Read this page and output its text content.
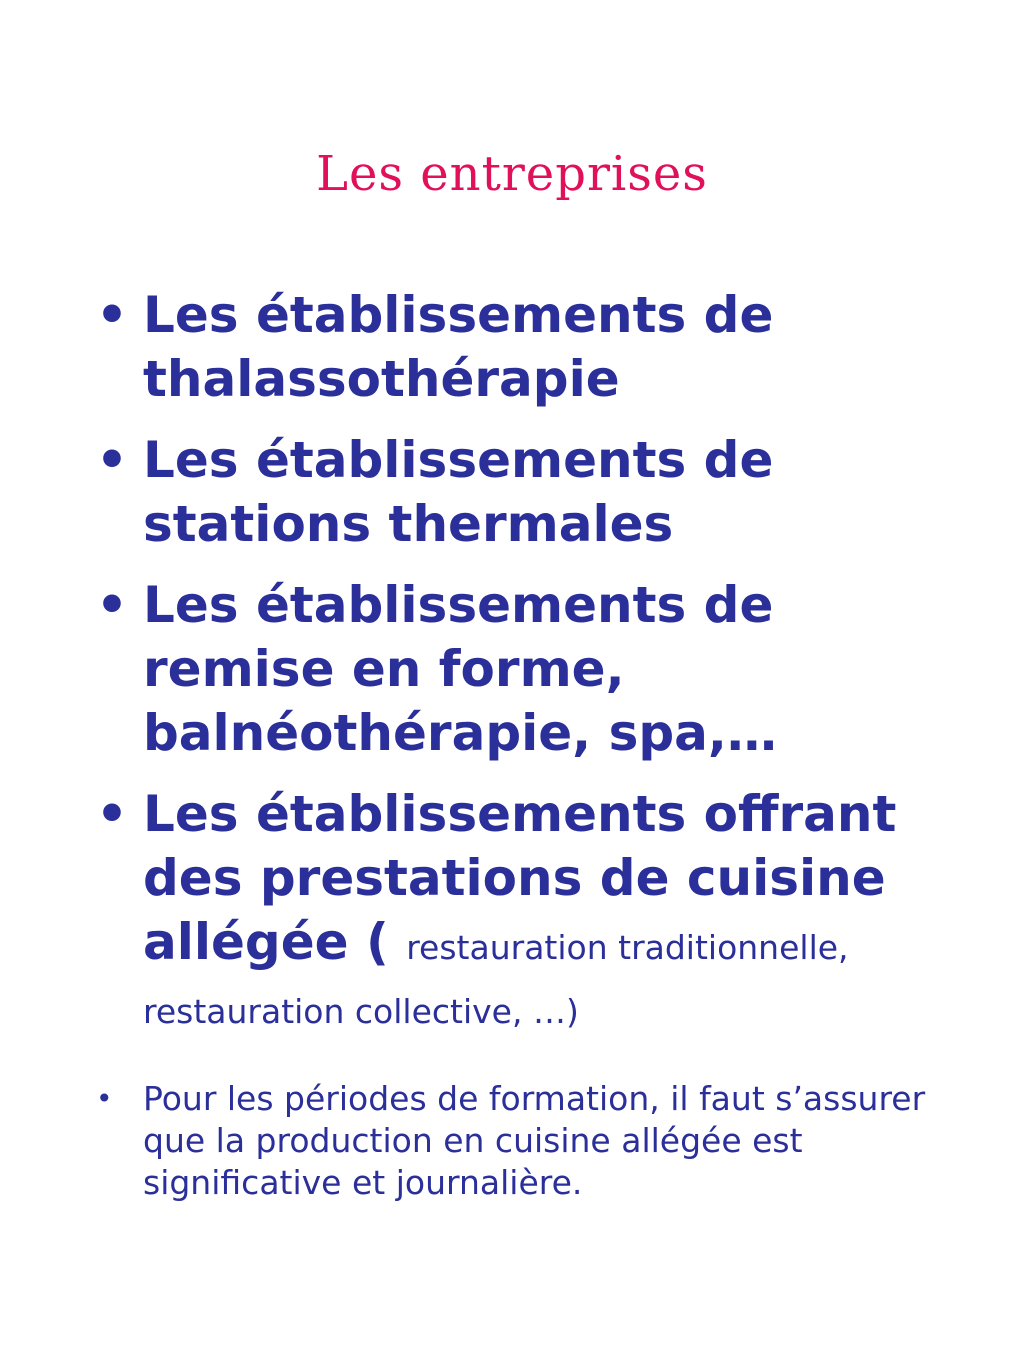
Les entreprises
• Les établissements de thalassothérapie
• Les établissements de stations thermales
• Les établissements de remise en forme, balnéothérapie, spa,…
• Les établissements offrant des prestations de cuisine allégée ( restauration traditionnelle, restauration collective, …)
• Pour les périodes de formation, il faut s’assurer que la production en cuisine allégée est significative et journalière.
